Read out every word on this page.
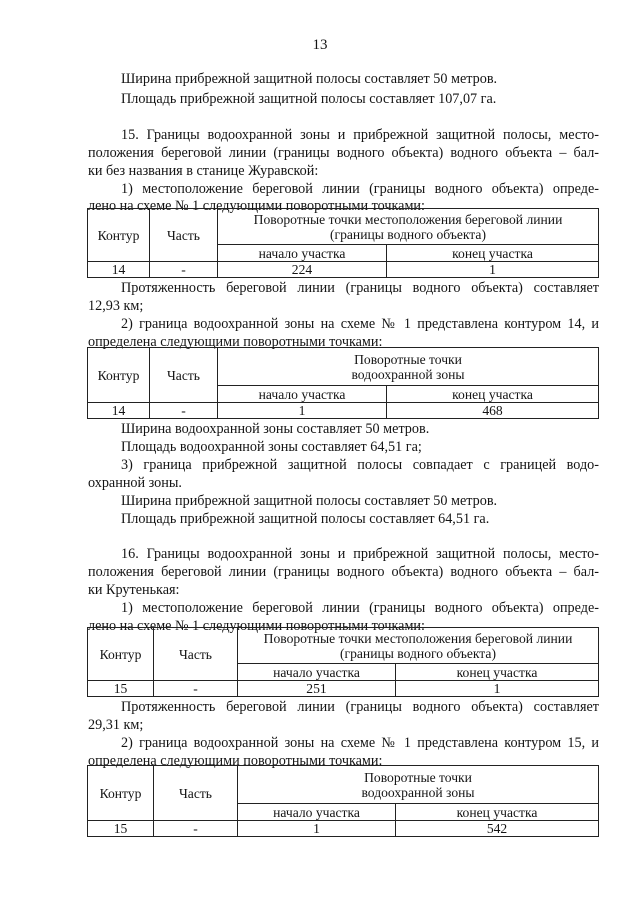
13
Ширина прибрежной защитной полосы составляет 50 метров.
Площадь прибрежной защитной полосы составляет 107,07 га.
15. Границы водоохранной зоны и прибрежной защитной полосы, место-
положения береговой линии (границы водного объекта) водного объекта – бал-
ки без названия в станице Журавской:
1) местоположение береговой линии (границы водного объекта) опреде-
лено на схеме № 1 следующими поворотными точками:
Контур	Часть	Поворотные точки местоположения береговой линии
(границы водного объекта)	
		начало участка	конец участка
14	-	224	1
Протяженность береговой линии (границы водного объекта) составляет
12,93 км;
2) граница водоохранной зоны на схеме № 1 представлена контуром 14, и
определена следующими поворотными точками:
Контур	Часть	Поворотные точки
водоохранной зоны	
		начало участка	конец участка
14	-	1	468
Ширина водоохранной зоны составляет 50 метров.
Площадь водоохранной зоны составляет 64,51 га;
3) граница прибрежной защитной полосы совпадает с границей водо-
охранной зоны.
Ширина прибрежной защитной полосы составляет 50 метров.
Площадь прибрежной защитной полосы составляет 64,51 га.
16. Границы водоохранной зоны и прибрежной защитной полосы, место-
положения береговой линии (границы водного объекта) водного объекта – бал-
ки Крутенькая:
1) местоположение береговой линии (границы водного объекта) опреде-
лено на схеме № 1 следующими поворотными точками:
Контур	Часть	Поворотные точки местоположения береговой линии
(границы водного объекта)	
		начало участка	конец участка
15	-	251	1
Протяженность береговой линии (границы водного объекта) составляет
29,31 км;
2) граница водоохранной зоны на схеме № 1 представлена контуром 15, и
определена следующими поворотными точками:
Контур	Часть	Поворотные точки
водоохранной зоны	
		начало участка	конец участка
15	-	1	542
